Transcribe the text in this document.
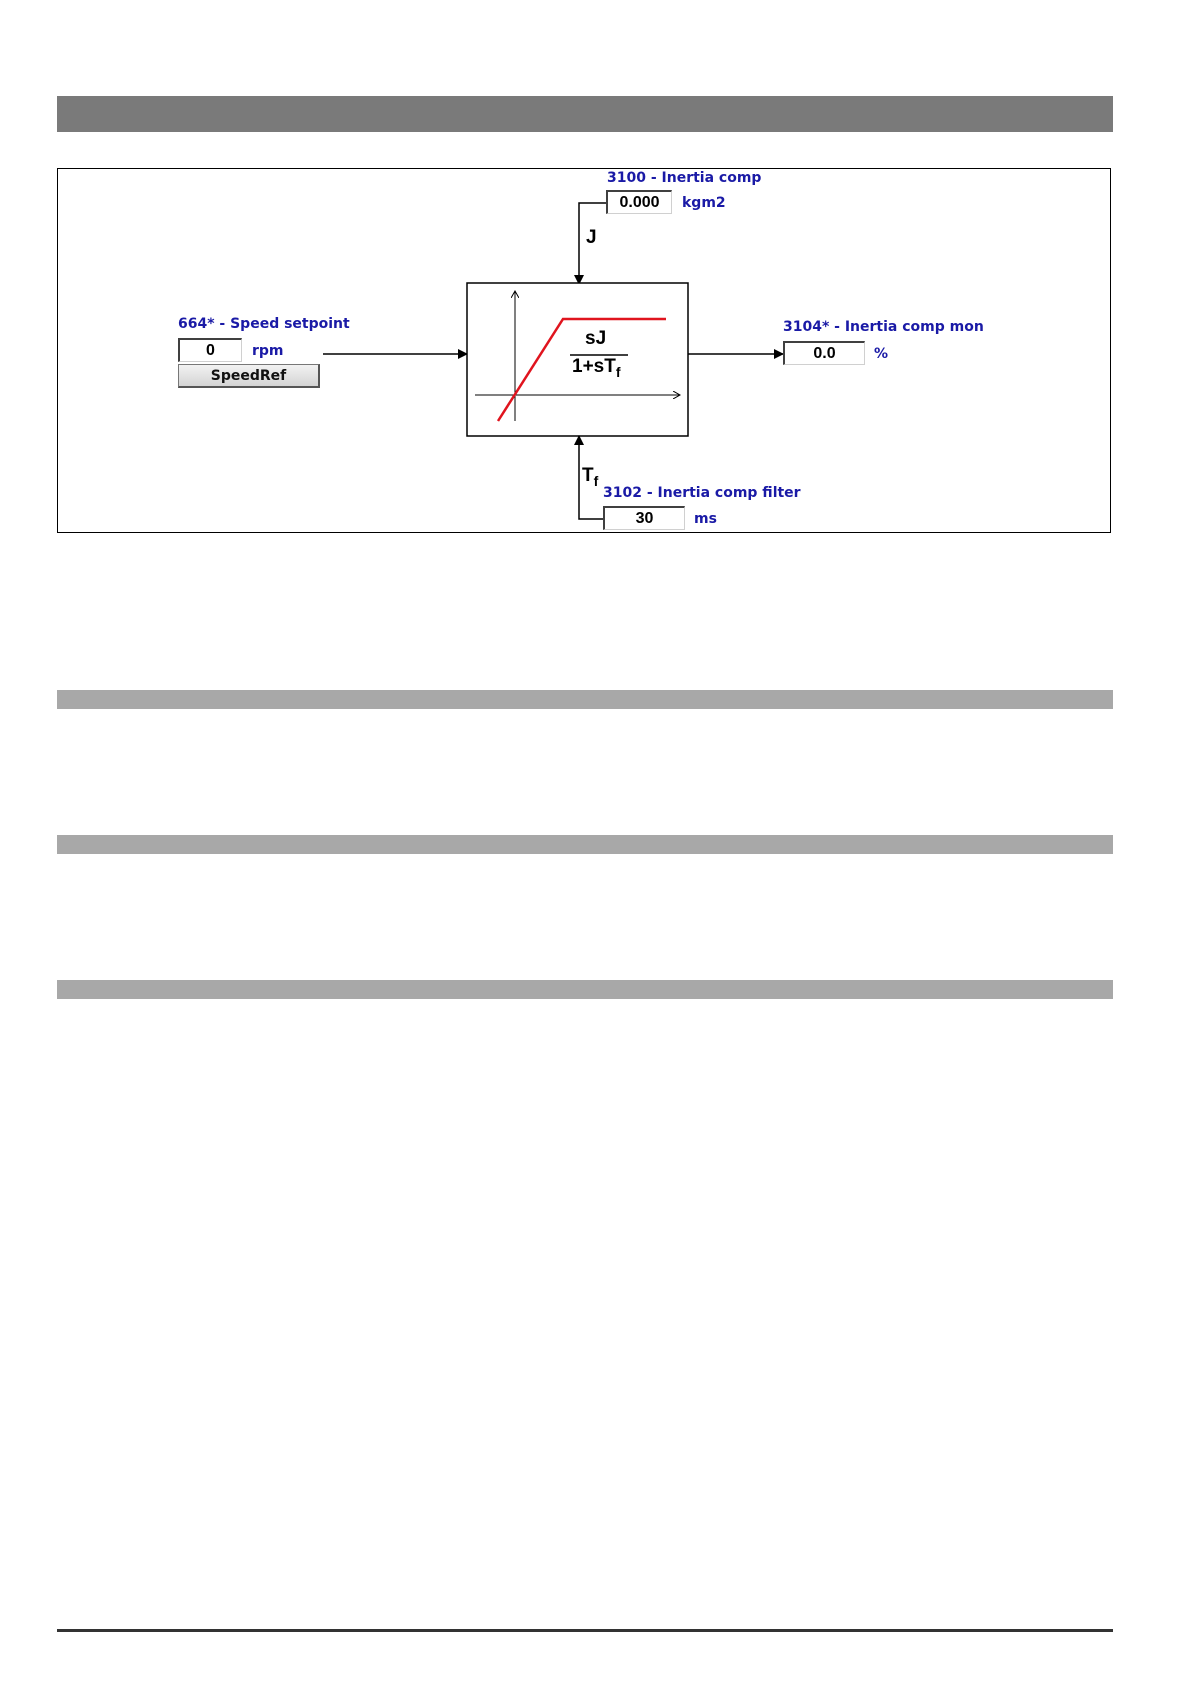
3100 - Inertia comp
0.000	kgm2
J
664* - Speed setpoint
0	rpm
SpeedRef
sJ
$1+sT_f$
3104* - Inertia comp mon
0.0	%
$T_f$
3102 - Inertia comp filter
30	ms
